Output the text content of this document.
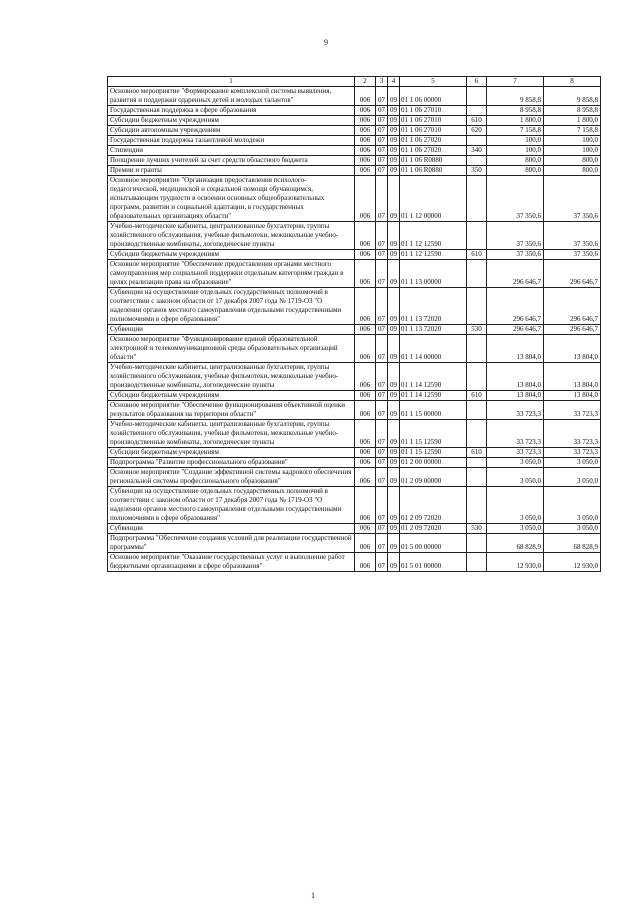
9
1	2	3	4	5	6	7	8
Основное мероприятие "Формирование комплексной системы выявления, развития и поддержки одаренных детей и молодых талантов"	006	07	09	01 1 06 00000		9 858,8	9 858,8
Государственная поддержка в сфере образования	006	07	09	01 1 06 27010		8 958,8	8 958,8
Субсидии бюджетным учреждениям	006	07	09	01 1 06 27010	610	1 800,0	1 800,0
Субсидии автономным учреждениям	006	07	09	01 1 06 27010	620	7 158,8	7 158,8
Государственная поддержка талантливой молодежи	006	07	09	01 1 06 27020		100,0	100,0
Стипендии	006	07	09	01 1 06 27020	340	100,0	100,0
Поощрение лучших учителей за счет средств областного бюджета	006	07	09	01 1 06 R0880		800,0	800,0
Премии и гранты	006	07	09	01 1 06 R0880	350	800,0	800,0
Основное мероприятие "Организация предоставления психолого-педагогической, медицинской и социальной помощи обучающимся, испытывающим трудности в освоении основных общеобразовательных программ, развитии и социальной адаптации, в государственных образовательных организациях области"	006	07	09	01 1 12 00000		37 350,6	37 350,6
Учебно-методические кабинеты, централизованные бухгалтерии, группы хозяйственного обслуживания, учебные фильмотеки, межшкольные учебно-производственные комбинаты, логопедические пункты	006	07	09	01 1 12 12590		37 350,6	37 350,6
Субсидии бюджетным учреждениям	006	07	09	01 1 12 12590	610	37 350,6	37 350,6
Основное мероприятие "Обеспечение предоставления органами местного самоуправления мер социальной поддержки отдельным категориям граждан в целях реализации права на образование"	006	07	09	01 1 13 00000		296 646,7	296 646,7
Субвенции на осуществление отдельных государственных полномочий в соответствии с законом области от 17 декабря 2007 года № 1719-ОЗ "О наделении органов местного самоуправления отдельными государственными полномочиями в сфере образования"	006	07	09	01 1 13 72020		296 646,7	296 646,7
Субвенции	006	07	09	01 1 13 72020	530	296 646,7	296 646,7
Основное мероприятие "Функционирование единой образовательной электронной и телекоммуникационной среды образовательных организаций области"	006	07	09	01 1 14 00000		13 804,0	13 804,0
Учебно-методические кабинеты, централизованные бухгалтерии, группы хозяйственного обслуживания, учебные фильмотеки, межшкольные учебно-производственные комбинаты, логопедические пункты	006	07	09	01 1 14 12590		13 804,0	13 804,0
Субсидии бюджетным учреждениям	006	07	09	01 1 14 12590	610	13 804,0	13 804,0
Основное мероприятие "Обеспечение функционирования объективной оценки результатов образования на территории области"	006	07	09	01 1 15 00000		33 723,3	33 723,3
Учебно-методические кабинеты, централизованные бухгалтерии, группы хозяйственного обслуживания, учебные фильмотеки, межшкольные учебно-производственные комбинаты, логопедические пункты	006	07	09	01 1 15 12590		33 723,3	33 723,3
Субсидии бюджетным учреждениям	006	07	09	01 1 15 12590	610	33 723,3	33 723,3
Подпрограмма "Развитие профессионального образования"	006	07	09	01 2 00 00000		3 050,0	3 050,0
Основное мероприятие "Создание эффективной системы кадрового обеспечения региональной системы профессионального образования"	006	07	09	01 2 09 00000		3 050,0	3 050,0
Субвенции на осуществление отдельных государственных полномочий в соответствии с законом области от 17 декабря 2007 года № 1719-ОЗ "О наделении органов местного самоуправления отдельными государственными полномочиями в сфере образования"	006	07	09	01 2 09 72020		3 050,0	3 050,0
Субвенции	006	07	09	01 2 09 72020	530	3 050,0	3 050,0
Подпрограмма "Обеспечение создания условий для реализации государственной программы"	006	07	09	01 5 00 00000		68 828,9	68 828,9
Основное мероприятие "Оказание государственных услуг и выполнение работ бюджетными организациями в сфере образования"	006	07	09	01 5 01 00000		12 930,0	12 930,0
1
